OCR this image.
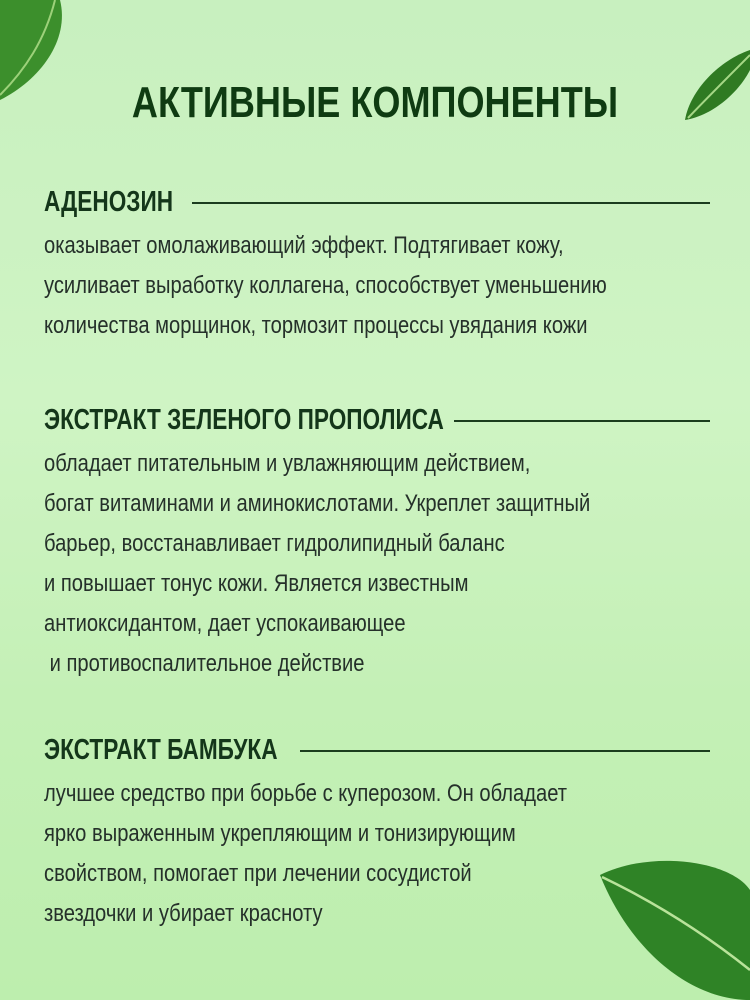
АКТИВНЫЕ КОМПОНЕНТЫ
АДЕНОЗИН
оказывает омолаживающий эффект. Подтягивает кожу,
усиливает выработку коллагена, способствует уменьшению
количества морщинок, тормозит процессы увядания кожи
ЭКСТРАКТ ЗЕЛЕНОГО ПРОПОЛИСА
обладает питательным и увлажняющим действием,
богат витаминами и аминокислотами. Укреплет защитный
барьер, восстанавливает гидролипидный баланс
и повышает тонус кожи. Является известным
антиоксидантом, дает успокаивающее
и противоспалительное действие
ЭКСТРАКТ БАМБУКА
лучшее средство при борьбе с куперозом. Он обладает
ярко выраженным укрепляющим и тонизирующим
свойством, помогает при лечении сосудистой
звездочки и убирает красноту
